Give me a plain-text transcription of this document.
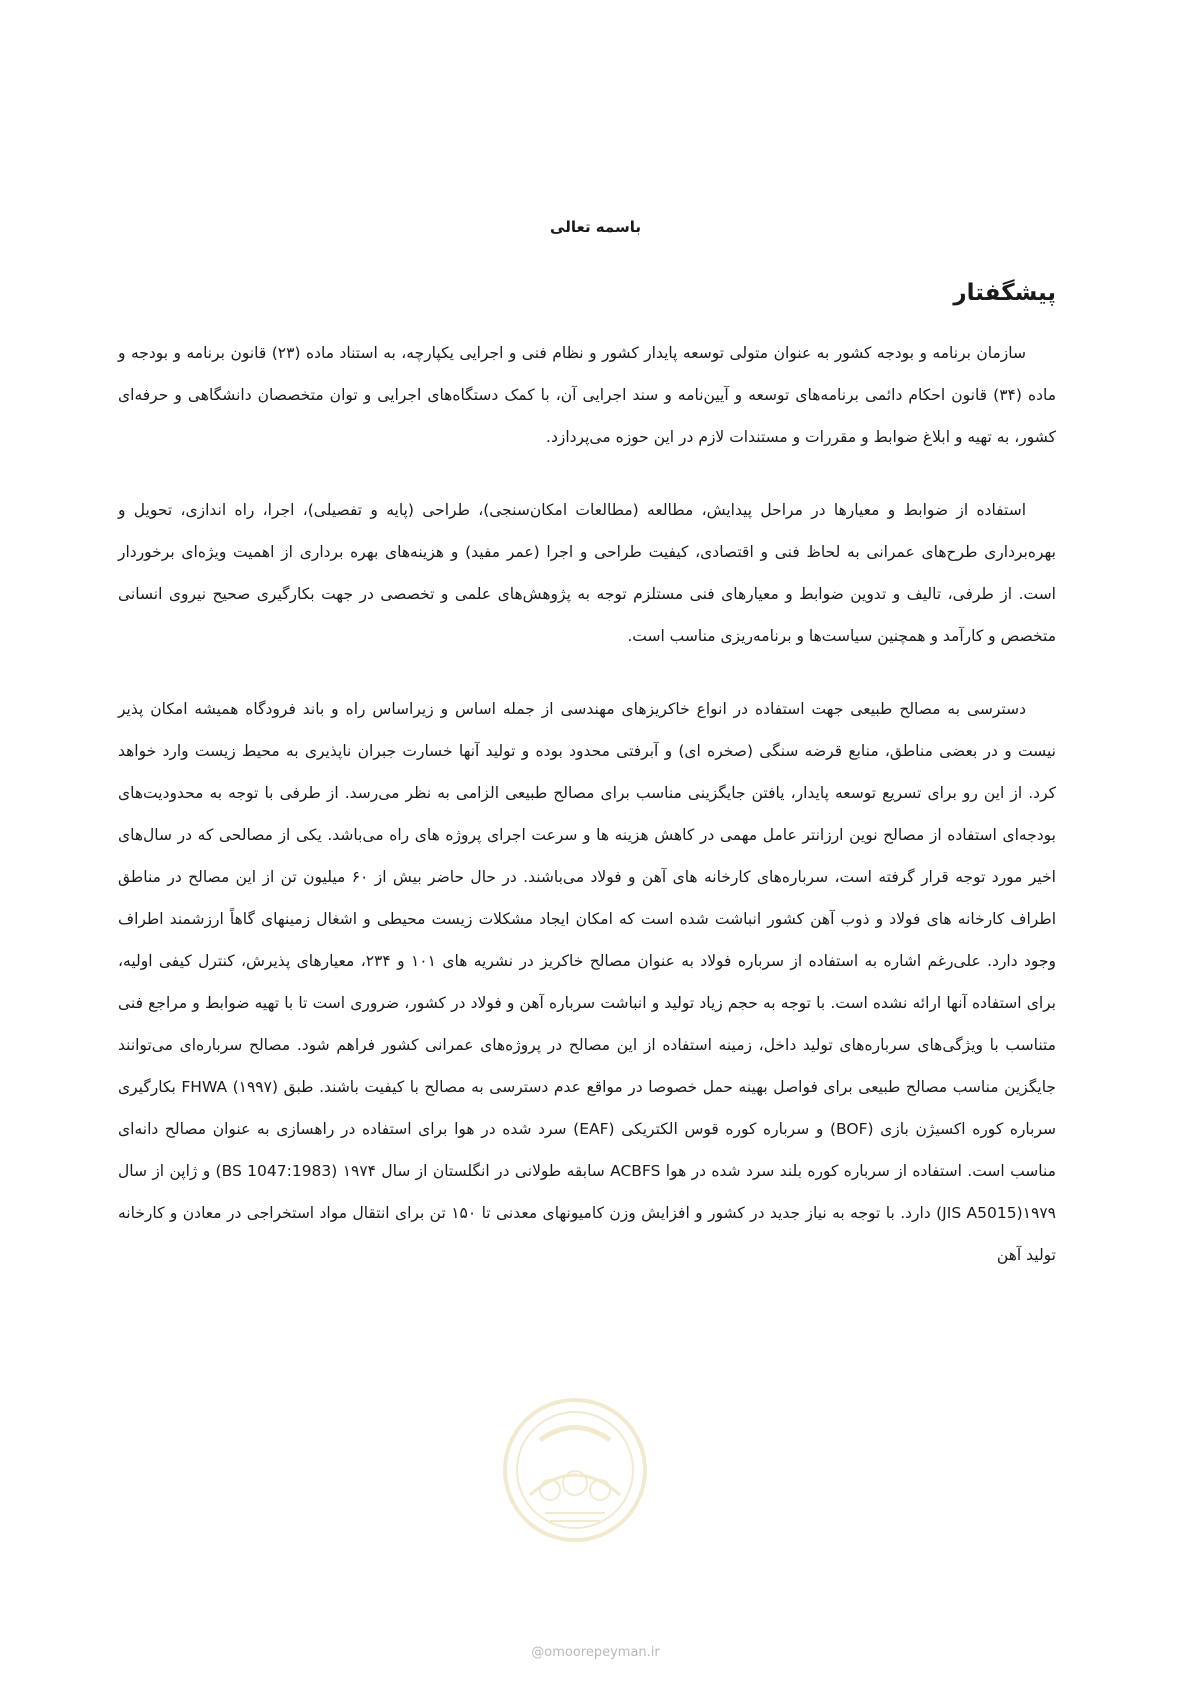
باسمه تعالی

پیشگفتار

سازمان برنامه و بودجه کشور به عنوان متولی توسعه پایدار کشور و نظام فنی و اجرایی یکپارچه، به استناد ماده (۲۳) قانون برنامه و بودجه و ماده (۳۴) قانون احکام دائمی برنامه‌های توسعه و آیین‌نامه و سند اجرایی آن، با کمک دستگاه‌های اجرایی و توان متخصصان دانشگاهی و حرفه‌ای کشور، به تهیه و ابلاغ ضوابط و مقررات و مستندات لازم در این حوزه می‌پردازد.

استفاده از ضوابط و معیارها در مراحل پیدایش، مطالعه (مطالعات امکان‌سنجی)، طراحی (پایه و تفصیلی)، اجرا، راه اندازی، تحویل و بهره‌برداری طرح‌های عمرانی به لحاظ فنی و اقتصادی، کیفیت طراحی و اجرا (عمر مفید) و هزینه‌های بهره برداری از اهمیت ویژه‌ای برخوردار است. از طرفی، تالیف و تدوین ضوابط و معیارهای فنی مستلزم توجه به پژوهش‌های علمی و تخصصی در جهت بکارگیری صحیح نیروی انسانی متخصص و کارآمد و همچنین سیاست‌ها و برنامه‌ریزی مناسب است.

دسترسی به مصالح طبیعی جهت استفاده در انواع خاکریزهای مهندسی از جمله اساس و زیراساس راه و باند فرودگاه همیشه امکان پذیر نیست و در بعضی مناطق، منابع قرضه سنگی (صخره ای) و آبرفتی محدود بوده و تولید آنها خسارت جبران ناپذیری به محیط زیست وارد خواهد کرد. از این رو برای تسریع توسعه پایدار، یافتن جایگزینی مناسب برای مصالح طبیعی الزامی به نظر می‌رسد. از طرفی با توجه به محدودیت‌های بودجه‌ای استفاده از مصالح نوین ارزانتر عامل مهمی در کاهش هزینه ها و سرعت اجرای پروژه های راه می‌باشد. یکی از مصالحی که در سال‌های اخیر مورد توجه قرار گرفته است، سرباره‌های کارخانه های آهن و فولاد می‌باشند. در حال حاضر بیش از ۶۰ میلیون تن از این مصالح در مناطق اطراف کارخانه های فولاد و ذوب آهن کشور انباشت شده است که امکان ایجاد مشکلات زیست محیطی و اشغال زمینهای گاهاً ارزشمند اطراف وجود دارد. علی‌رغم اشاره به استفاده از سرباره فولاد به عنوان مصالح خاکریز در نشریه های ۱۰۱ و ۲۳۴، معیارهای پذیرش، کنترل کیفی اولیه، برای استفاده آنها ارائه نشده است. با توجه به حجم زیاد تولید و انباشت سرباره آهن و فولاد در کشور، ضروری است تا با تهیه ضوابط و مراجع فنی متناسب با ویژگی‌های سرباره‌های تولید داخل، زمینه استفاده از این مصالح در پروژه‌های عمرانی کشور فراهم شود. مصالح سرباره‌ای می‌توانند جایگزین مناسب مصالح طبیعی برای فواصل بهینه حمل خصوصا در مواقع عدم دسترسی به مصالح با کیفیت باشند. طبق FHWA (۱۹۹۷) بکارگیری سرباره کوره اکسیژن بازی (BOF) و سرباره کوره قوس الکتریکی (EAF) سرد شده در هوا برای استفاده در راهسازی به عنوان مصالح دانه‌ای مناسب است. استفاده از سرباره کوره بلند سرد شده در هوا ACBFS سابقه طولانی در انگلستان از سال ۱۹۷۴ (BS 1047:1983) و ژاپن از سال ۱۹۷۹(JIS A5015) دارد. با توجه به نیاز جدید در کشور و افزایش وزن کامیونهای معدنی تا ۱۵۰ تن برای انتقال مواد استخراجی در معادن و کارخانه تولید آهن

@omoorepeyman.ir
